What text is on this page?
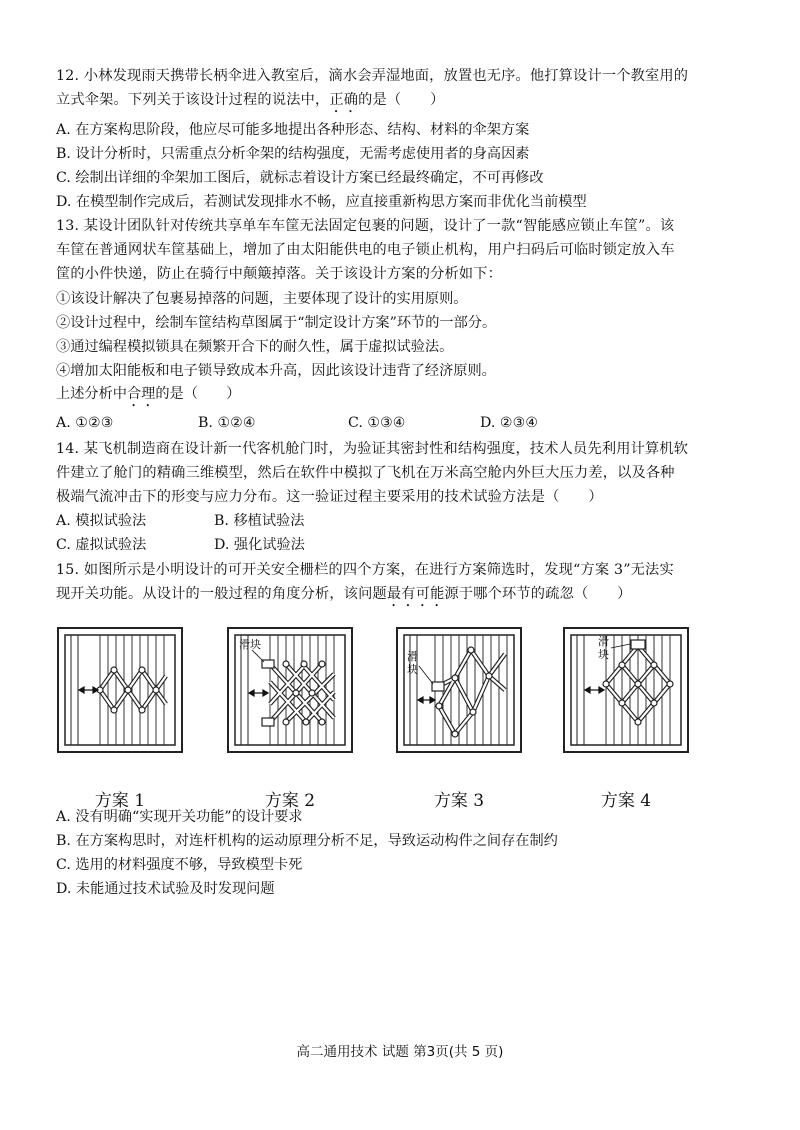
12. 小林发现雨天携带长柄伞进入教室后，滴水会弄湿地面，放置也无序。他打算设计一个教室用的
立式伞架。下列关于该设计过程的说法中，正确的是（　　）
A. 在方案构思阶段，他应尽可能多地提出各种形态、结构、材料的伞架方案
B. 设计分析时，只需重点分析伞架的结构强度，无需考虑使用者的身高因素
C. 绘制出详细的伞架加工图后，就标志着设计方案已经最终确定，不可再修改
D. 在模型制作完成后，若测试发现排水不畅，应直接重新构思方案而非优化当前模型
13. 某设计团队针对传统共享单车车筐无法固定包裹的问题，设计了一款“智能感应锁止车筐”。该
车筐在普通网状车筐基础上，增加了由太阳能供电的电子锁止机构，用户扫码后可临时锁定放入车
筐的小件快递，防止在骑行中颠簸掉落。关于该设计方案的分析如下：
①该设计解决了包裹易掉落的问题，主要体现了设计的实用原则。
②设计过程中，绘制车筐结构草图属于“制定设计方案”环节的一部分。
③通过编程模拟锁具在频繁开合下的耐久性，属于虚拟试验法。
④增加太阳能板和电子锁导致成本升高，因此该设计违背了经济原则。
上述分析中合理的是（　　）
A. ①②③	B. ①②④	C. ①③④	D. ②③④
14. 某飞机制造商在设计新一代客机舱门时，为验证其密封性和结构强度，技术人员先利用计算机软
件建立了舱门的精确三维模型，然后在软件中模拟了飞机在万米高空舱内外巨大压力差，以及各种
极端气流冲击下的形变与应力分布。这一验证过程主要采用的技术试验方法是（　　）
A. 模拟试验法	B. 移植试验法
C. 虚拟试验法	D. 强化试验法
15. 如图所示是小明设计的可开关安全栅栏的四个方案，在进行方案筛选时，发现“方案 3”无法实
现开关功能。从设计的一般过程的角度分析，该问题最有可能源于哪个环节的疏忽（　　）
滑块
滑
块
滑
块
方案 1	方案 2	方案 3	方案 4
A. 没有明确“实现开关功能”的设计要求
B. 在方案构思时，对连杆机构的运动原理分析不足，导致运动构件之间存在制约
C. 选用的材料强度不够，导致模型卡死
D. 未能通过技术试验及时发现问题
高二通用技术 试题 第3页(共 5 页)
